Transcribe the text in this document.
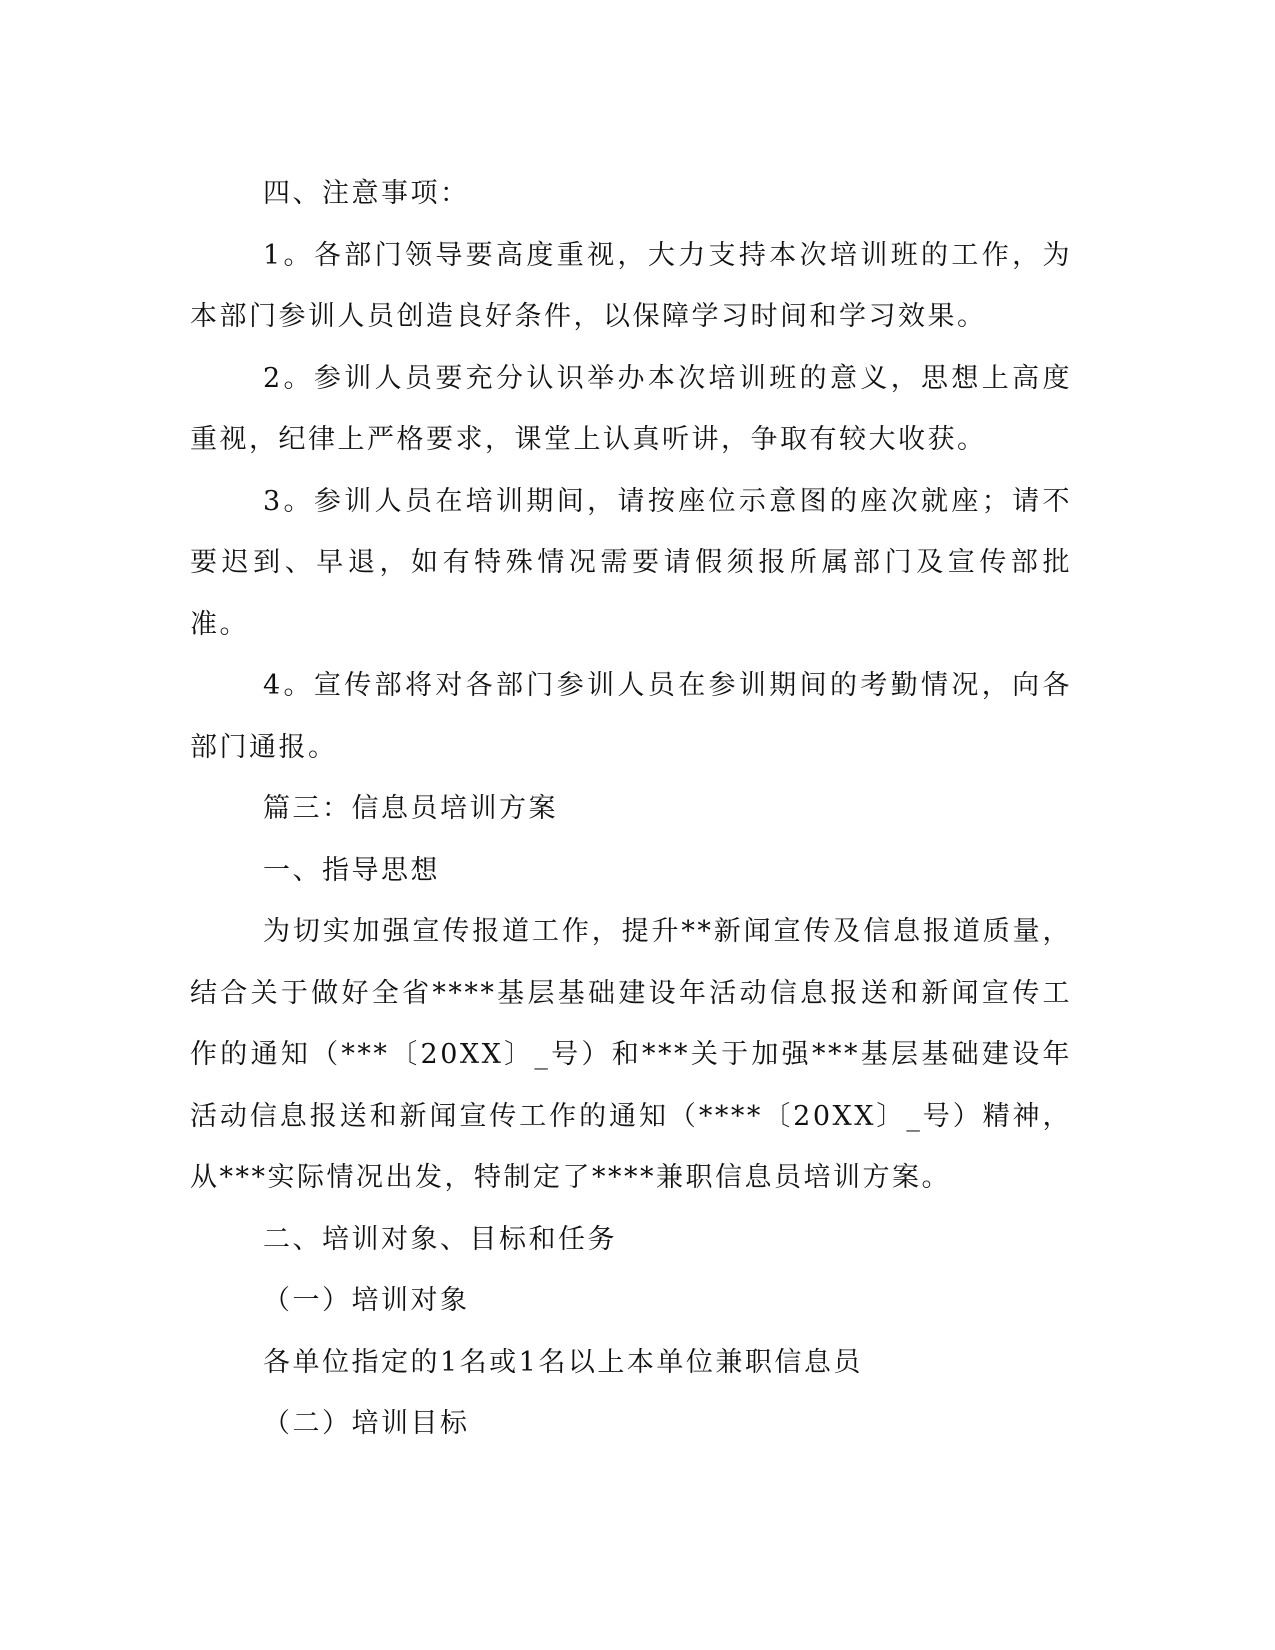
四、注意事项：

1。各部门领导要高度重视，大力支持本次培训班的工作，为本部门参训人员创造良好条件，以保障学习时间和学习效果。

2。参训人员要充分认识举办本次培训班的意义，思想上高度重视，纪律上严格要求，课堂上认真听讲，争取有较大收获。

3。参训人员在培训期间，请按座位示意图的座次就座；请不要迟到、早退，如有特殊情况需要请假须报所属部门及宣传部批准。

4。宣传部将对各部门参训人员在参训期间的考勤情况，向各部门通报。

篇三：信息员培训方案

一、指导思想

为切实加强宣传报道工作，提升**新闻宣传及信息报道质量，结合关于做好全省****基层基础建设年活动信息报送和新闻宣传工作的通知（***〔20XX〕_号）和***关于加强***基层基础建设年活动信息报送和新闻宣传工作的通知（****〔20XX〕_号）精神，从***实际情况出发，特制定了****兼职信息员培训方案。

二、培训对象、目标和任务

（一）培训对象

各单位指定的1名或1名以上本单位兼职信息员

（二）培训目标
